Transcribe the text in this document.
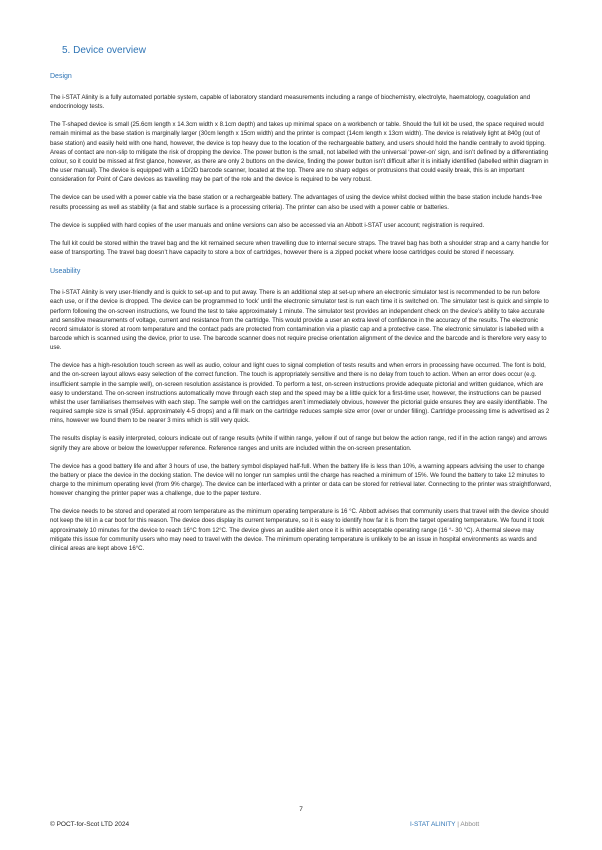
5. Device overview
Design

The i-STAT Alinity is a fully automated portable system, capable of laboratory standard measurements including a range of biochemistry, electrolyte, haematology, coagulation and endocrinology tests.

The T-shaped device is small (25.6cm length x 14.3cm width x 8.1cm depth) and takes up minimal space on a workbench or table. Should the full kit be used, the space required would remain minimal as the base station is marginally larger (30cm length x 15cm width) and the printer is compact (14cm length x 13cm width). The device is relatively light at 840g (out of base station) and easily held with one hand, however, the device is top heavy due to the location of the rechargeable battery, and users should hold the handle centrally to avoid tipping. Areas of contact are non-slip to mitigate the risk of dropping the device. The power button is the small, not labelled with the universal ‘power-on’ sign, and isn’t defined by a differentiating colour, so it could be missed at first glance, however, as there are only 2 buttons on the device, finding the power button isn’t difficult after it is initially identified (labelled within diagram in the user manual). The device is equipped with a 1D/2D barcode scanner, located at the top. There are no sharp edges or protrusions that could easily break, this is an important consideration for Point of Care devices as travelling may be part of the role and the device is required to be very robust.

The device can be used with a power cable via the base station or a rechargeable battery. The advantages of using the device whilst docked within the base station include hands-free results processing as well as stability (a flat and stable surface is a processing criteria). The printer can also be used with a power cable or batteries.

The device is supplied with hard copies of the user manuals and online versions can also be accessed via an Abbott i-STAT user account; registration is required.

The full kit could be stored within the travel bag and the kit remained secure when travelling due to internal secure straps. The travel bag has both a shoulder strap and a carry handle for ease of transporting. The travel bag doesn’t have capacity to store a box of cartridges, however there is a zipped pocket where loose cartridges could be stored if necessary.

Useability

The i-STAT Alinity is very user-friendly and is quick to set-up and to put away. There is an additional step at set-up where an electronic simulator test is recommended to be run before each use, or if the device is dropped. The device can be programmed to ‘lock’ until the electronic simulator test is run each time it is switched on. The simulator test is quick and simple to perform following the on-screen instructions, we found the test to take approximately 1 minute. The simulator test provides an independent check on the device’s ability to take accurate and sensitive measurements of voltage, current and resistance from the cartridge. This would provide a user an extra level of confidence in the accuracy of the results. The electronic record simulator is stored at room temperature and the contact pads are protected from contamination via a plastic cap and a protective case. The electronic simulator is labelled with a barcode which is scanned using the device, prior to use. The barcode scanner does not require precise orientation alignment of the device and the barcode and is therefore very easy to use.

The device has a high-resolution touch screen as well as audio, colour and light cues to signal completion of tests results and when errors in processing have occurred. The font is bold, and the on-screen layout allows easy selection of the correct function. The touch is appropriately sensitive and there is no delay from touch to action. When an error does occur (e.g. insufficient sample in the sample well), on-screen resolution assistance is provided. To perform a test, on-screen instructions provide adequate pictorial and written guidance, which are easy to understand. The on-screen instructions automatically move through each step and the speed may be a little quick for a first-time user, however, the instructions can be paused whilst the user familiarises themselves with each step. The sample well on the cartridges aren’t immediately obvious, however the pictorial guide ensures they are easily identifiable. The required sample size is small (95ul. approximately 4-5 drops) and a fill mark on the cartridge reduces sample size error (over or under filling). Cartridge processing time is advertised as 2 mins, however we found them to be nearer 3 mins which is still very quick.

The results display is easily interpreted, colours indicate out of range results (white if within range, yellow if out of range but below the action range, red if in the action range) and arrows signify they are above or below the lower/upper reference. Reference ranges and units are included within the on-screen presentation.

The device has a good battery life and after 3 hours of use, the battery symbol displayed half-full. When the battery life is less than 10%, a warning appears advising the user to change the battery or place the device in the docking station. The device will no longer run samples until the charge has reached a minimum of 15%. We found the battery to take 12 minutes to charge to the minimum operating level (from 9% charge). The device can be interfaced with a printer or data can be stored for retrieval later. Connecting to the printer was straightforward, however changing the printer paper was a challenge, due to the paper texture.

The device needs to be stored and operated at room temperature as the minimum operating temperature is 16 °C. Abbott advises that community users that travel with the device should not keep the kit in a car boot for this reason. The device does display its current temperature, so it is easy to identify how far it is from the target operating temperature. We found it took approximately 10 minutes for the device to reach 16°C from 12°C. The device gives an audible alert once it is within acceptable operating range (16 °- 30 °C). A thermal sleeve may mitigate this issue for community users who may need to travel with the device. The minimum operating temperature is unlikely to be an issue in hospital environments as wards and clinical areas are kept above 16°C.

7
© POCT-for-Scot LTD 2024	I-STAT ALINITY | Abbott
